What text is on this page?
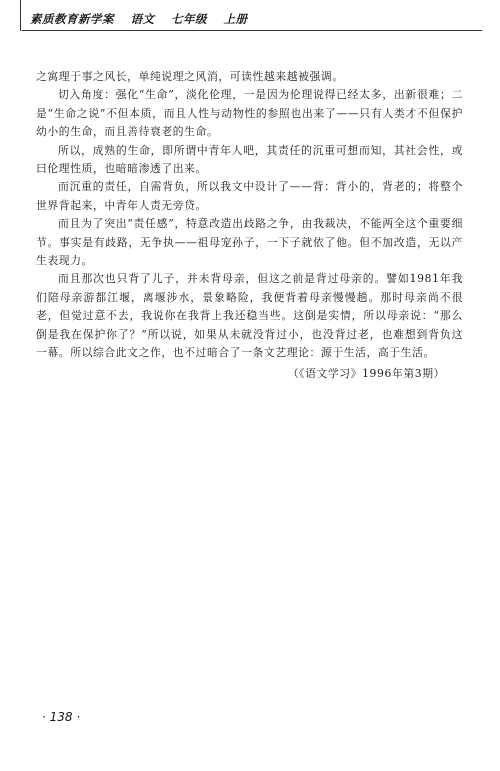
素质教育新学案 语文 七年级 上册

之寓理于事之风长，单纯说理之风消，可读性越来越被强调。

切入角度：强化“生命”，淡化伦理，一是因为伦理说得已经太多，出新很难；二是“生命之说”不但本质，而且人性与动物性的参照也出来了——只有人类才不但保护幼小的生命，而且善待衰老的生命。

所以，成熟的生命，即所谓中青年人吧，其责任的沉重可想而知，其社会性，或曰伦理性质，也暗暗渗透了出来。

而沉重的责任，自需背负，所以我文中设计了——背：背小的，背老的；将整个世界背起来，中青年人责无旁贷。

而且为了突出“责任感”，特意改造出歧路之争，由我裁决，不能两全这个重要细节。事实是有歧路，无争执——祖母宠孙子，一下子就依了他。但不加改造，无以产生表现力。

而且那次也只背了儿子，并未背母亲，但这之前是背过母亲的。譬如1981年我们陪母亲游都江堰，离堰涉水，景象略险，我便背着母亲慢慢趟。那时母亲尚不很老，但觉过意不去，我说你在我背上我还稳当些。这倒是实情，所以母亲说：“那么倒是我在保护你了？”所以说，如果从未就没背过小，也没背过老，也难想到背负这一幕。所以综合此文之作，也不过暗合了一条文艺理论：源于生活，高于生活。

（《语文学习》1996年第3期）

· 138 ·
